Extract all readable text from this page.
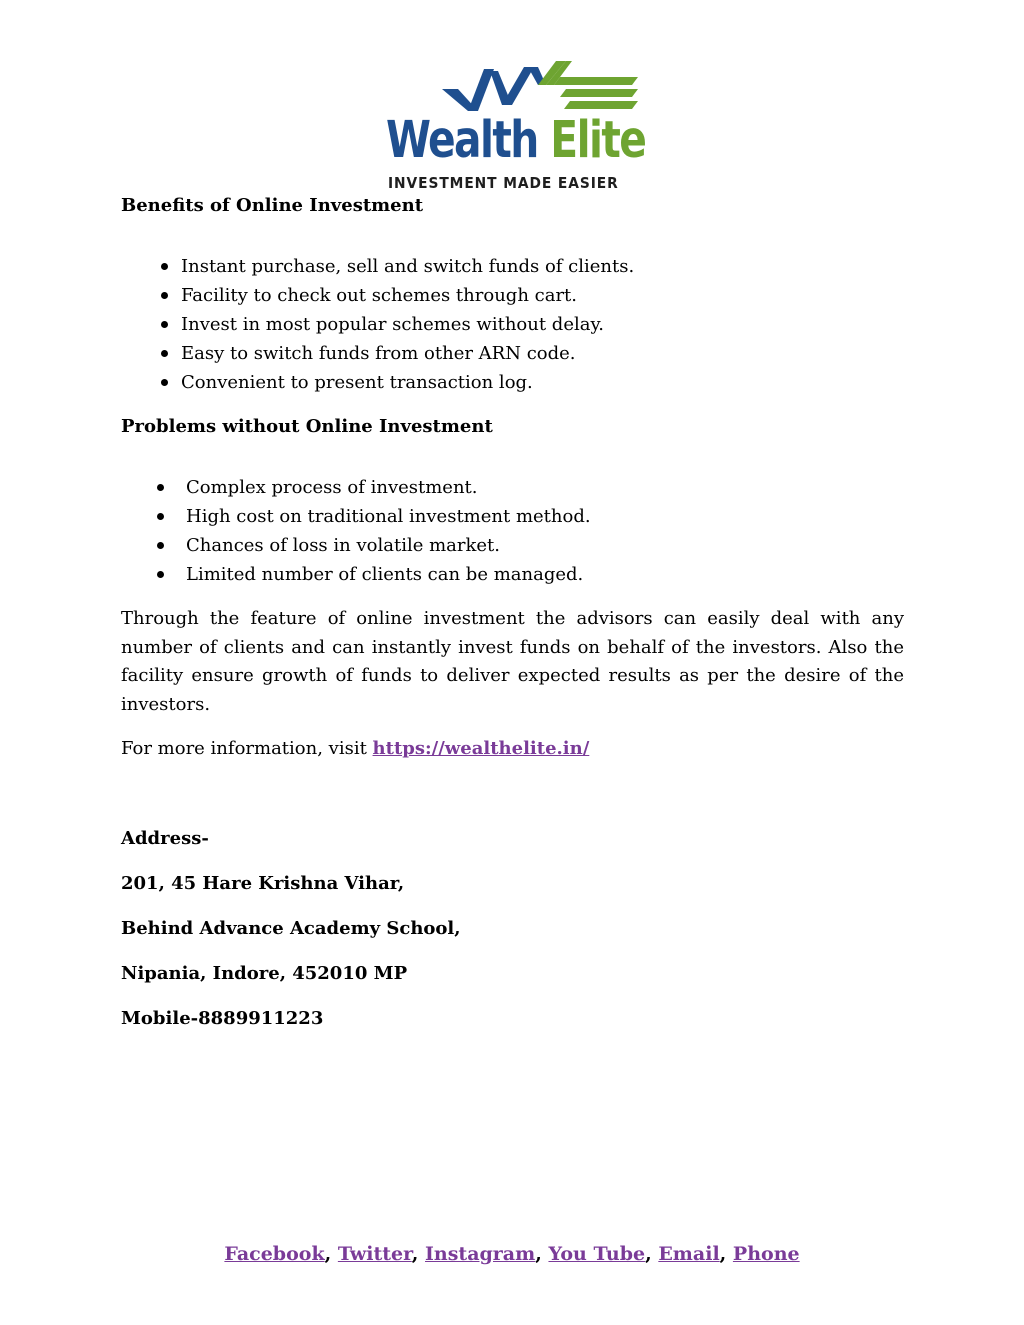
Wealth Elite
INVESTMENT MADE EASIER

Benefits of Online Investment

Instant purchase, sell and switch funds of clients.
Facility to check out schemes through cart.
Invest in most popular schemes without delay.
Easy to switch funds from other ARN code.
Convenient to present transaction log.

Problems without Online Investment

Complex process of investment.
High cost on traditional investment method.
Chances of loss in volatile market.
Limited number of clients can be managed.

Through the feature of online investment the advisors can easily deal with any number of clients and can instantly invest funds on behalf of the investors. Also the facility ensure growth of funds to deliver expected results as per the desire of the investors.

For more information, visit https://wealthelite.in/

Address-

201, 45 Hare Krishna Vihar,

Behind Advance Academy School,

Nipania, Indore, 452010 MP

Mobile-8889911223

Facebook, Twitter, Instagram, You Tube, Email, Phone
